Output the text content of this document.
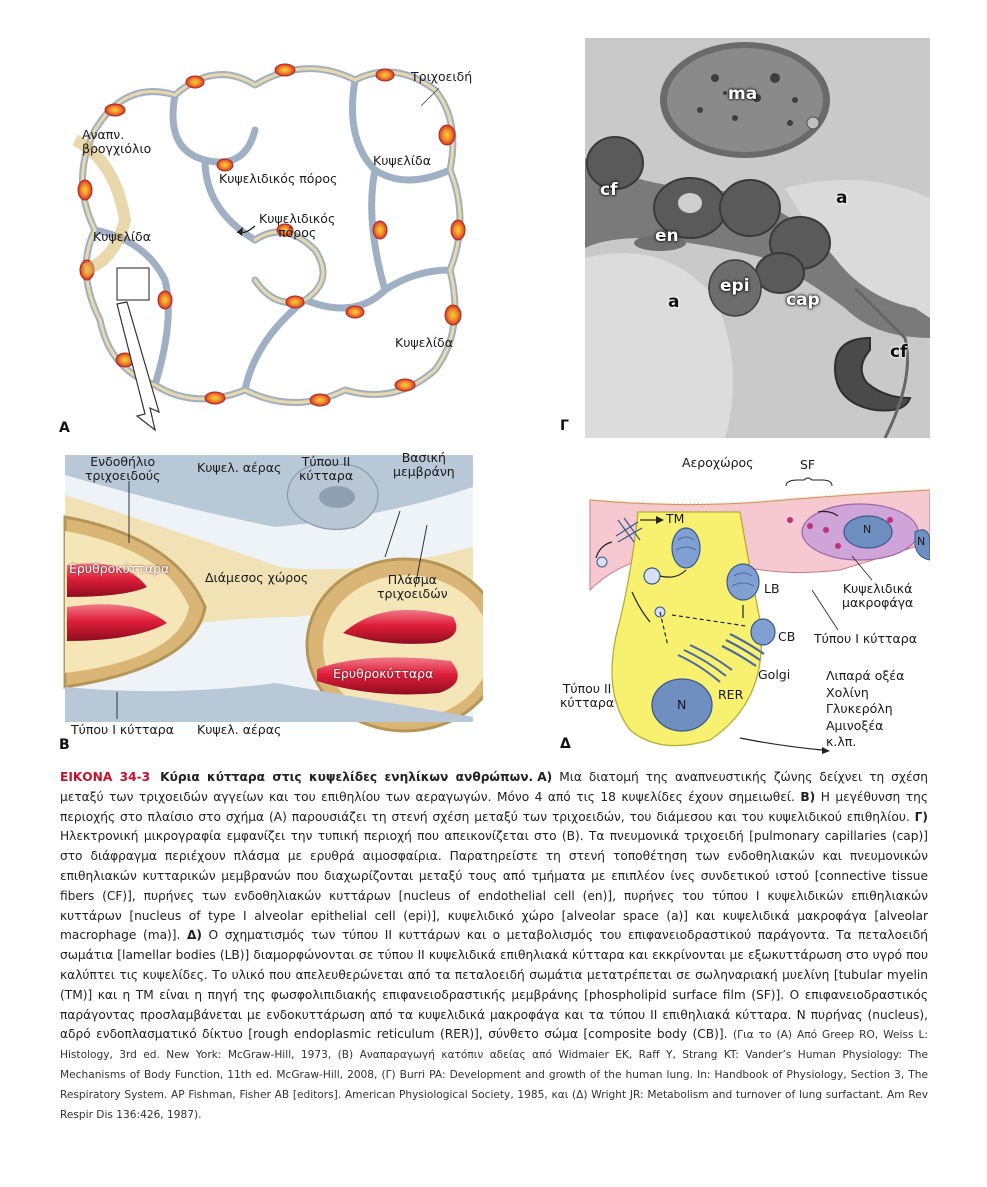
Τριχοειδή
Αναπν.
βρογχιόλιο
Κυψελιδικός πόρος
Κυψελίδα
Κυψελίδα
Κυψελιδικός
πόρος
Κυψελίδα
A
Ενδοθήλιο
τριχοειδούς
Κυψελ. αέρας Τύπου ΙΙ
κύτταρα
Βασική
μεμβράνη
Ερυθροκύτταρα
Διάμεσος χώρος	Πλάσμα
τριχοειδών
Ερυθροκύτταρα
Τύπου Ι κύτταρα Κυψελ. αέρας
Β
ma
cf
en
a
a
epi
cap
cf
Γ
Αεροχώρος	SF
TM
N
N
LB
CB
Κυψελιδικά
μακροφάγα
Τύπου Ι κύτταρα
Τύπου ΙΙ
κύτταρα
Golgi
RER
N
Λιπαρά οξέα
Χολίνη
Γλυκερόλη
Αμινοξέα
κ.λπ.
Δ
ΕΙΚΟΝΑ 34-3 Κύρια κύτταρα στις κυψελίδες ενηλίκων ανθρώπων. A) Μια διατομή της αναπνευστικής ζώνης δείχνει τη σχέση μεταξύ των τριχοειδών αγγείων και του επιθηλίου των αεραγωγών. Μόνο 4 από τις 18 κυψελίδες έχουν σημειωθεί. Β) Η μεγέθυνση της περιοχής στο πλαίσιο στο σχήμα (Α) παρουσιάζει τη στενή σχέση μεταξύ των τριχοειδών, του διάμεσου και του κυψελιδικού επιθηλίου. Γ) Ηλεκτρονική μικρογραφία εμφανίζει την τυπική περιοχή που απεικονίζεται στο (Β). Τα πνευμονικά τριχοειδή [pulmonary capillaries (cap)] στο διάφραγμα περιέχουν πλάσμα με ερυθρά αιμοσφαίρια. Παρατηρείστε τη στενή τοποθέτηση των ενδοθηλιακών και πνευμονικών επιθηλιακών κυτταρικών μεμβρανών που διαχωρίζονται μεταξύ τους από τμήματα με επιπλέον ίνες συνδετικού ιστού [connective tissue fibers (CF)], πυρήνες των ενδοθηλιακών κυττάρων [nucleus of endothelial cell (en)], πυρήνες του τύπου Ι κυψελιδικών επιθηλιακών κυττάρων [nucleus of type I alveolar epithelial cell (epi)], κυψελιδικό χώρο [alveolar space (a)] και κυψελιδικά μακροφάγα [alveolar macrophage (ma)]. Δ) Ο σχηματισμός των τύπου ΙΙ κυττάρων και ο μεταβολισμός του επιφανειοδραστικού παράγοντα. Τα πεταλοειδή σωμάτια [lamellar bodies (LB)] διαμορφώνονται σε τύπου ΙΙ κυψελιδικά επιθηλιακά κύτταρα και εκκρίνονται με εξωκυττάρωση στο υγρό που καλύπτει τις κυψελίδες. Το υλικό που απελευθερώνεται από τα πεταλοειδή σωμάτια μετατρέπεται σε σωληναριακή μυελίνη [tubular myelin (TM)] και η TM είναι η πηγή της φωσφολιπιδιακής επιφανειοδραστικής μεμβράνης [phospholipid surface film (SF)]. Ο επιφανειοδραστικός παράγοντας προσλαμβάνεται με ενδοκυττάρωση από τα κυψελιδικά μακροφάγα και τα τύπου ΙΙ επιθηλιακά κύτταρα. Ν πυρήνας (nucleus), αδρό ενδοπλασματικό δίκτυο [rough endoplasmic reticulum (RER)], σύνθετο σώμα [composite body (CB)]. (Για το (Α) Από Greep RO, Weiss L: Histology, 3rd ed. New York: McGraw-Hill, 1973, (Β) Αναπαραγωγή κατόπιν αδείας από Widmaier EK, Raff Y, Strang KT: Vander’s Human Physiology: The Mechanisms of Body Function, 11th ed. McGraw-Hill, 2008, (Γ) Burri PA: Development and growth of the human lung. In: Handbook of Physiology, Section 3, The Respiratory System. AP Fishman, Fisher AB [editors]. American Physiological Society, 1985, και (Δ) Wright JR: Metabolism and turnover of lung surfactant. Am Rev Respir Dis 136:426, 1987).
